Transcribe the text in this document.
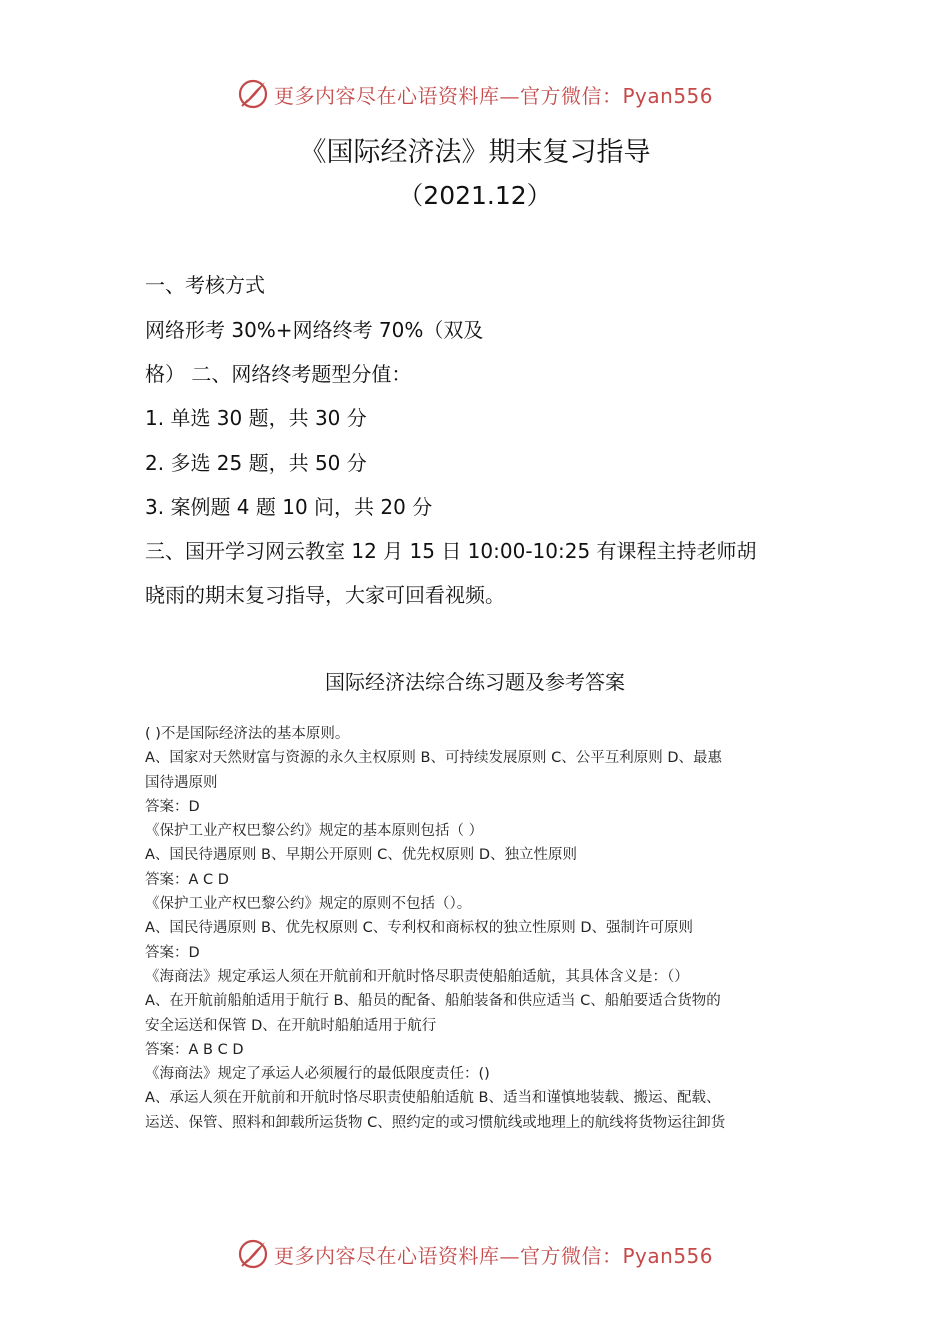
更多内容尽在心语资料库—官方微信：Pyan556
《国际经济法》期末复习指导
（2021.12）
一、考核方式
网络形考 30%+网络终考 70%（双及
格） 二、网络终考题型分值：
1. 单选 30 题，共 30 分
2. 多选 25 题，共 50 分
3. 案例题 4 题 10 问，共 20 分
三、国开学习网云教室 12 月 15 日 10:00-10:25 有课程主持老师胡
晓雨的期末复习指导，大家可回看视频。
国际经济法综合练习题及参考答案
( )不是国际经济法的基本原则。
A、国家对天然财富与资源的永久主权原则 B、可持续发展原则 C、公平互利原则 D、最惠
国待遇原则
答案：D
《保护工业产权巴黎公约》规定的基本原则包括（ ）
A、国民待遇原则 B、早期公开原则 C、优先权原则 D、独立性原则
答案：A C D
《保护工业产权巴黎公约》规定的原则不包括（）。
A、国民待遇原则 B、优先权原则 C、专利权和商标权的独立性原则 D、强制许可原则
答案：D
《海商法》规定承运人须在开航前和开航时恪尽职责使船舶适航，其具体含义是：（）
A、在开航前船舶适用于航行 B、船员的配备、船舶装备和供应适当 C、船舶要适合货物的
安全运送和保管 D、在开航时船舶适用于航行
答案：A B C D
《海商法》规定了承运人必须履行的最低限度责任：()
A、承运人须在开航前和开航时恪尽职责使船舶适航 B、适当和谨慎地装载、搬运、配载、
运送、保管、照料和卸载所运货物 C、照约定的或习惯航线或地理上的航线将货物运往卸货
更多内容尽在心语资料库—官方微信：Pyan556
